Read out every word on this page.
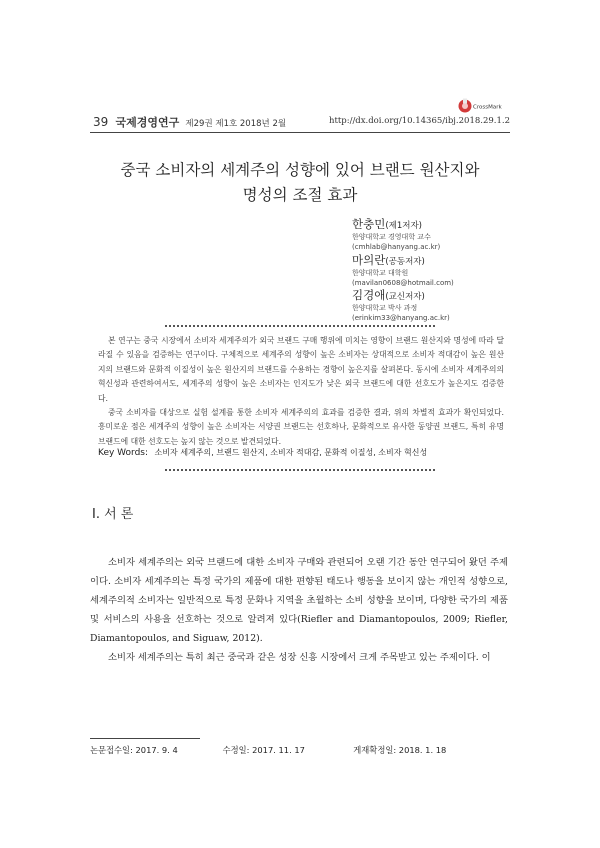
39 국제경영연구 제29권 제1호 2018년 2월
CrossMark
http://dx.doi.org/10.14365/ibj.2018.29.1.2
중국 소비자의 세계주의 성향에 있어 브랜드 원산지와
명성의 조절 효과
한충민(제1저자)
한양대학교 경영대학 교수
(cmhlab@hanyang.ac.kr)
마의란(공동저자)
한양대학교 대학원
(mavilan0608@hotmail.com)
김경애(교신저자)
한양대학교 박사 과정
(erinkim33@hanyang.ac.kr)

본 연구는 중국 시장에서 소비자 세계주의가 외국 브랜드 구매 행위에 미치는 영향이 브랜드 원산지와 명성에 따라 달라질 수 있음을 검증하는 연구이다. 구체적으로 세계주의 성향이 높은 소비자는 상대적으로 소비자 적대감이 높은 원산지의 브랜드와 문화적 이질성이 높은 원산지의 브랜드를 수용하는 경향이 높은지를 살펴본다. 동시에 소비자 세계주의의 혁신성과 관련하여서도, 세계주의 성향이 높은 소비자는 인지도가 낮은 외국 브랜드에 대한 선호도가 높은지도 검증한다.

중국 소비자를 대상으로 실험 설계를 통한 소비자 세계주의의 효과를 검증한 결과, 위의 차별적 효과가 확인되었다. 흥미로운 점은 세계주의 성향이 높은 소비자는 서양권 브랜드는 선호하나, 문화적으로 유사한 동양권 브랜드, 특히 유명 브랜드에 대한 선호도는 높지 않는 것으로 발견되었다.

Key Words: 소비자 세계주의, 브랜드 원산지, 소비자 적대감, 문화적 이질성, 소비자 혁신성
Ⅰ. 서 론

소비자 세계주의는 외국 브랜드에 대한 소비자 구매와 관련되어 오랜 기간 동안 연구되어 왔던 주제이다. 소비자 세계주의는 특정 국가의 제품에 대한 편향된 태도나 행동을 보이지 않는 개인적 성향으로, 세계주의적 소비자는 일반적으로 특정 문화나 지역을 초월하는 소비 성향을 보이며, 다양한 국가의 제품 및 서비스의 사용을 선호하는 것으로 알려져 있다(Riefler and Diamantopoulos, 2009; Riefler, Diamantopoulos, and Siguaw, 2012).

소비자 세계주의는 특히 최근 중국과 같은 성장 신흥 시장에서 크게 주목받고 있는 주제이다. 이

논문접수일: 2017. 9. 4	수정일: 2017. 11. 17	게재확정일: 2018. 1. 18
